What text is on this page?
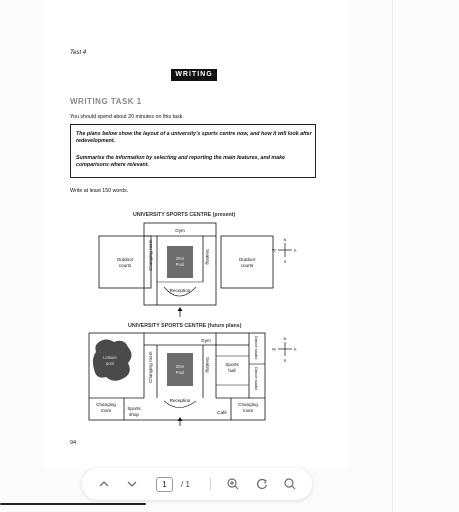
Test 4
WRITING
WRITING TASK 1
You should spend about 20 minutes on this task.
The plans below show the layout of a university's sports centre now, and how it will look after redevelopment.
Summarise the information by selecting and reporting the main features, and make comparisons where relevant.
Write at least 150 words.
UNIVERSITY SPORTS CENTRE (present)
Gym
Changing room	25m
Pool	Seating
Reception
Outdoor
courts
Outdoor
courts
N
S
E
W
UNIVERSITY SPORTS CENTRE (future plans)
Gym
Leisure
pool	Changing room	25m
Pool	Seating	Sports
hall
Dance studio
Dance studio
Reception
Changing
room	Sports
shop	Café
Changing
room
N
S
E
W
94
1
/ 1
